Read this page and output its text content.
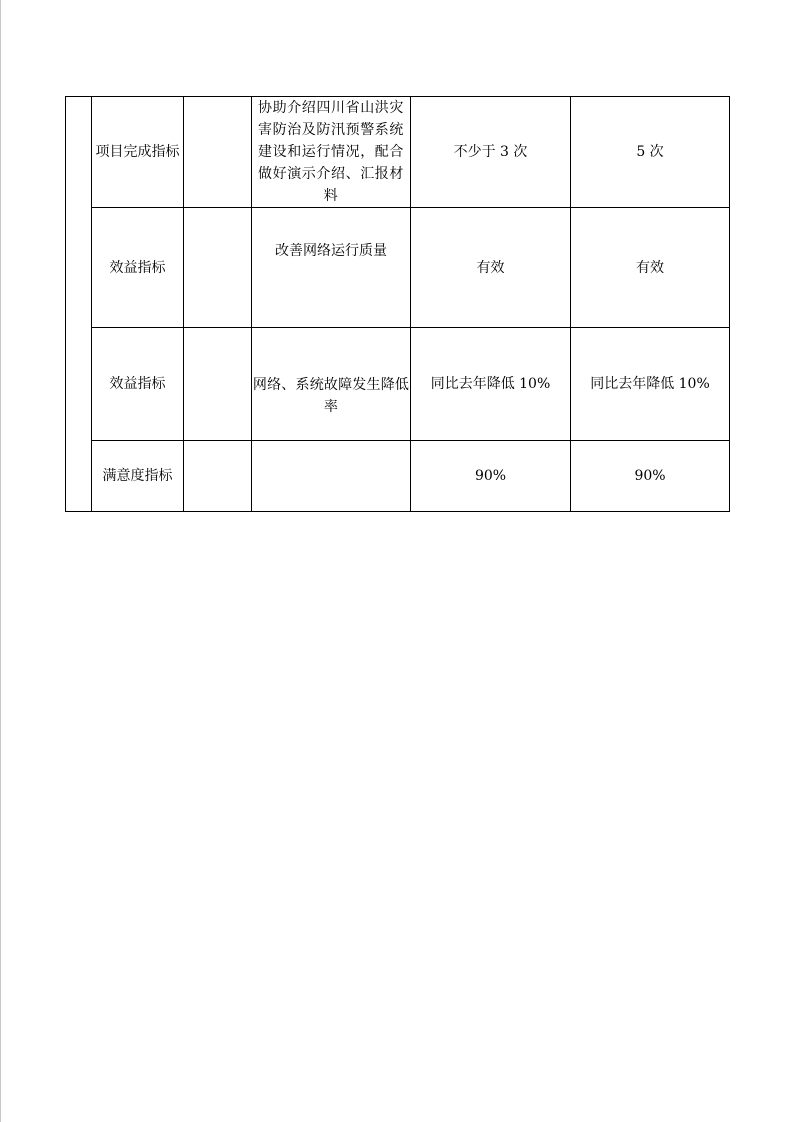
	项目完成指标		协助介绍四川省山洪灾害防治及防汛预警系统建设和运行情况，配合做好演示介绍、汇报材料	不少于 3 次	5 次
	效益指标		改善网络运行质量	有效	有效
	效益指标		网络、系统故障发生降低率	同比去年降低 10%	同比去年降低 10%
	满意度指标			90%	90%
